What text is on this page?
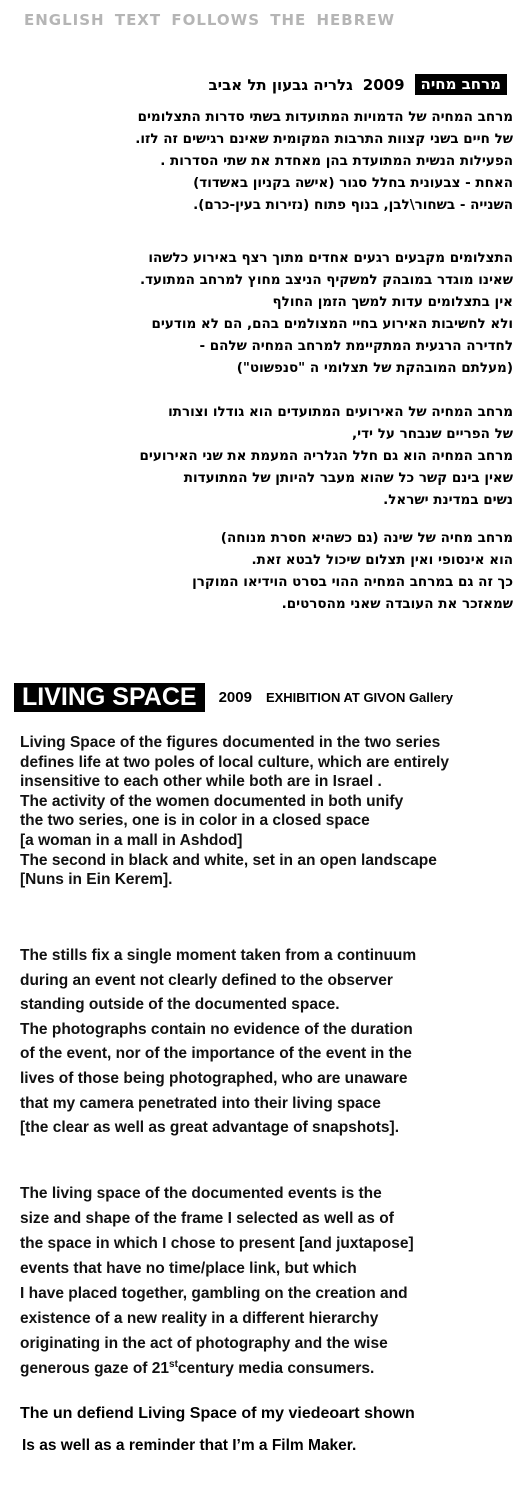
ENGLISH TEXT FOLLOWS THE HEBREW
מרחב מחיה
2009
גלריה גבעון תל אביב
מרחב המחיה של הדמויות המתועדות בשתי סדרות התצלומים
של חיים בשני קצוות התרבות המקומית שאינם רגישים זה לזו.
הפעילות הנשית המתועדת בהן מאחדת את שתי הסדרות .
האחת - צבעונית בחלל סגור (אישה בקניון באשדוד)
השנייה - בשחור\לבן, בנוף פתוח (נזירות בעין-כרם).
התצלומים מקבעים רגעים אחדים מתוך רצף באירוע כלשהו
שאינו מוגדר במובהק למשקיף הניצב מחוץ למרחב המתועד.
אין בתצלומים עדות למשך הזמן החולף
ולא לחשיבות האירוע בחיי המצולמים בהם, הם לא מודעים
לחדירה הרגעית המתקיימת למרחב המחיה שלהם -
(מעלתם המובהקת של תצלומי ה "סנפשוט")
מרחב המחיה של האירועים המתועדים הוא גודלו וצורתו
של הפריים שנבחר על ידי,
מרחב המחיה הוא גם חלל הגלריה המעמת את שני האירועים
שאין בינם קשר כל שהוא מעבר להיותן של המתועדות
נשים במדינת ישראל.
מרחב מחיה של שינה (גם כשהיא חסרת מנוחה)
הוא אינסופי ואין תצלום שיכול לבטא זאת.
כך זה גם במרחב המחיה ההוי בסרט הוידיאו המוקרן
שמאזכר את העובדה שאני מהסרטים.
LIVING SPACE	2009 EXHIBITION AT GIVON Gallery
Living Space of the figures documented in the two series
defines life at two poles of local culture, which are entirely
insensitive to each other while both are in Israel .
The activity of the women documented in both unify
the two series, one is in color in a closed space
[a woman in a mall in Ashdod]
The second in black and white, set in an open landscape
[Nuns in Ein Kerem].
The stills fix a single moment taken from a continuum
during an event not clearly defined to the observer
standing outside of the documented space.
The photographs contain no evidence of the duration
of the event, nor of the importance of the event in the
lives of those being photographed, who are unaware
that my camera penetrated into their living space
[the clear as well as great advantage of snapshots].
The living space of the documented events is the
size and shape of the frame I selected as well as of
the space in which I chose to present [and juxtapose]
events that have no time/place link, but which
I have placed together, gambling on the creation and
existence of a new reality in a different hierarchy
originating in the act of photography and the wise
generous gaze of 21stcentury media consumers.
The un defiend Living Space of my viedeoart shown
Is as well as a reminder that I’m a Film Maker.
